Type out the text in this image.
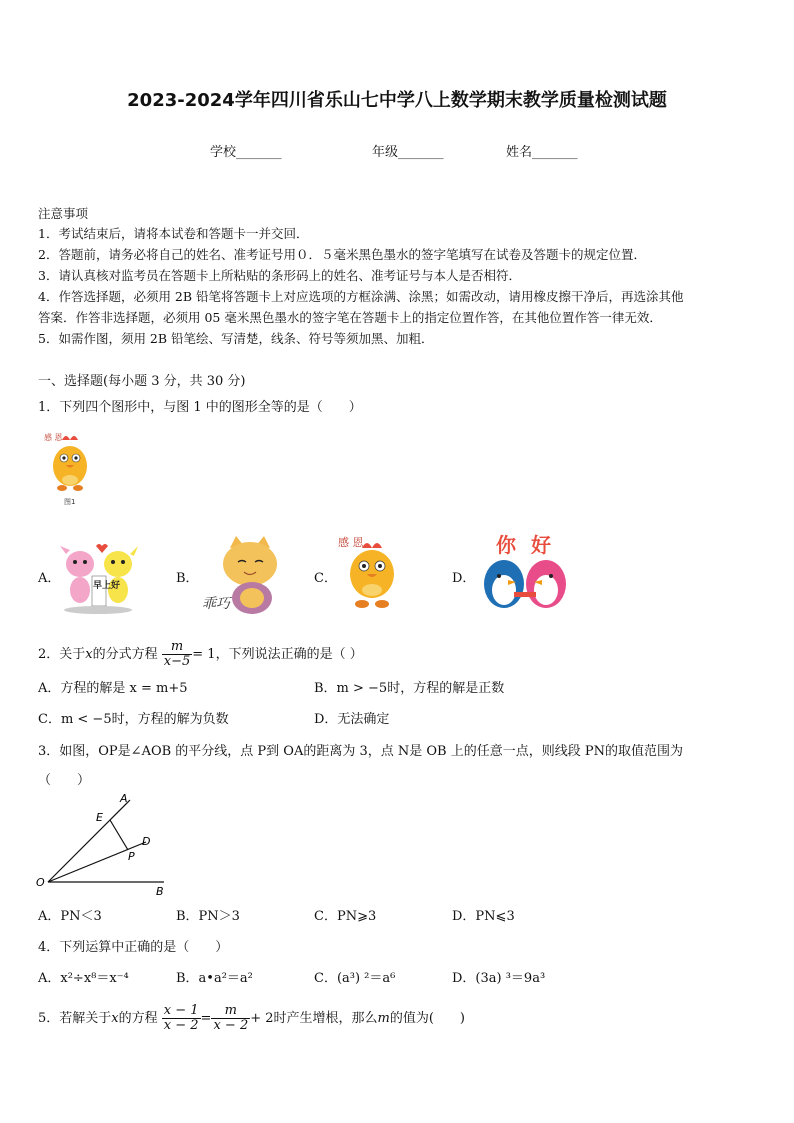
2023-2024学年四川省乐山七中学八上数学期末教学质量检测试题
学校_______	年级_______	姓名_______
注意事项
1．考试结束后，请将本试卷和答题卡一并交回．
2．答题前，请务必将自己的姓名、准考证号用０．５毫米黑色墨水的签字笔填写在试卷及答题卡的规定位置．
3．请认真核对监考员在答题卡上所粘贴的条形码上的姓名、准考证号与本人是否相符．
4．作答选择题，必须用 2B 铅笔将答题卡上对应选项的方框涂满、涂黑；如需改动，请用橡皮擦干净后，再选涂其他
答案．作答非选择题，必须用 05 毫米黑色墨水的签字笔在答题卡上的指定位置作答，在其他位置作答一律无效．
5．如需作图，须用 2B 铅笔绘、写清楚，线条、符号等须加黑、加粗．
一、选择题(每小题 3 分，共 30 分)
1．下列四个图形中，与图 1 中的图形全等的是（　　）
感 恩
图1
A．	早上好	B．
乖巧
C．
感 恩
D．
你 好
2．关于x的分式方程 $\frac{m}{x-5} = 1$，下列说法正确的是（ ）
A．方程的解是 x = m+5	B．m > −5时，方程的解是正数
C．m < −5时，方程的解为负数	D．无法确定
3．如图，OP是∠AOB 的平分线，点 P到 OA的距离为 3，点 N是 OB 上的任意一点，则线段 PN的取值范围为
（　　）
A
E
D
P
O
B
A．PN＜3	B．PN＞3	C．PN⩾3	D．PN⩽3
4．下列运算中正确的是（　　）
A．x²÷x⁸＝x⁻⁴	B．a•a²＝a²	C．(a³) ²＝a⁶	D．(3a) ³＝9a³
5．若解关于x的方程 $\frac{x - 1}{x - 2} = \frac{m}{x - 2} + 2$时产生增根，那么m的值为(　　)
